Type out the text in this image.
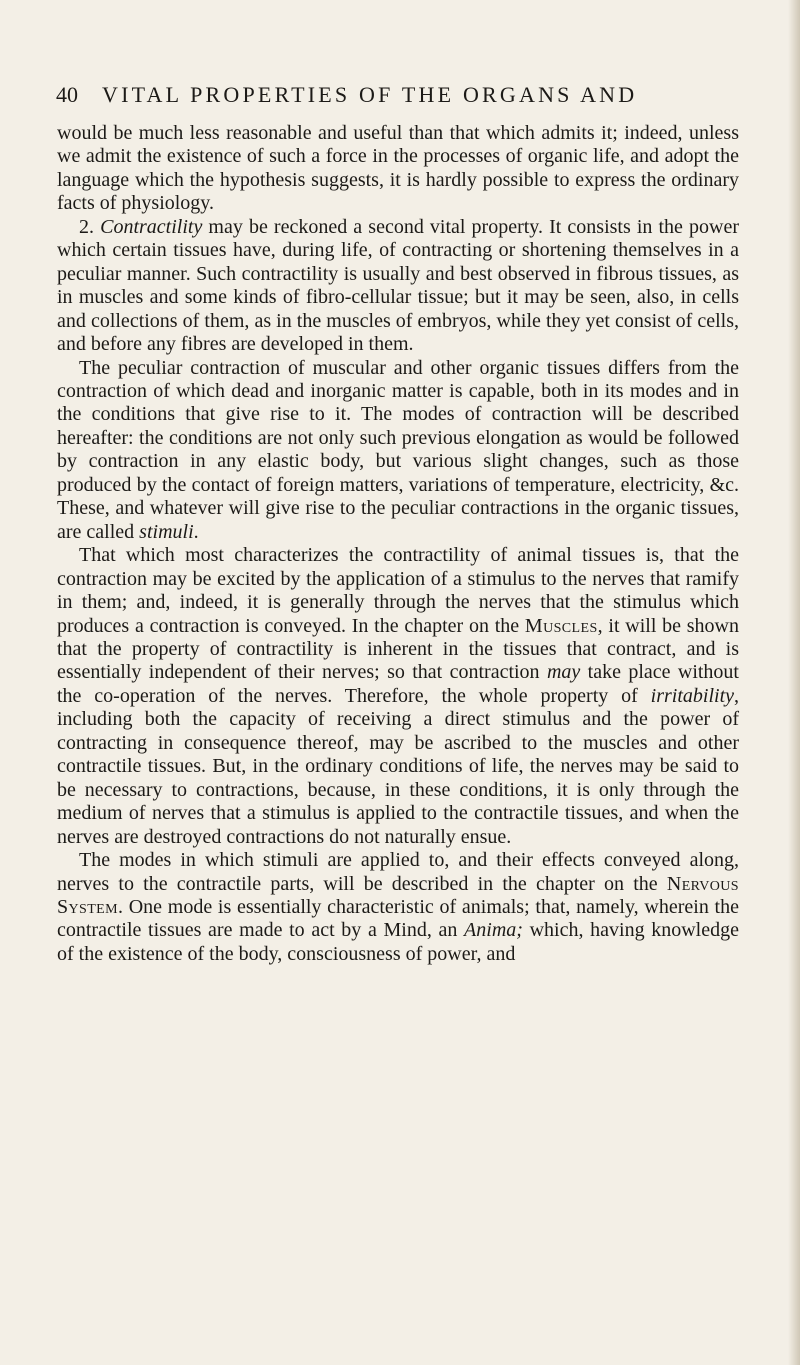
40 VITAL PROPERTIES OF THE ORGANS AND

would be much less reasonable and useful than that which admits it; indeed, unless we admit the existence of such a force in the processes of organic life, and adopt the language which the hypothesis suggests, it is hardly possible to express the ordinary facts of physiology.

2. Contractility may be reckoned a second vital property. It consists in the power which certain tissues have, during life, of contracting or shortening themselves in a peculiar manner. Such contractility is usually and best observed in fibrous tissues, as in muscles and some kinds of fibro-cellular tissue; but it may be seen, also, in cells and collections of them, as in the muscles of embryos, while they yet consist of cells, and before any fibres are developed in them.

The peculiar contraction of muscular and other organic tissues differs from the contraction of which dead and inorganic matter is capable, both in its modes and in the conditions that give rise to it. The modes of contraction will be described hereafter: the conditions are not only such previous elongation as would be followed by contraction in any elastic body, but various slight changes, such as those produced by the contact of foreign matters, variations of temperature, electricity, &c. These, and whatever will give rise to the peculiar contractions in the organic tissues, are called stimuli.

That which most characterizes the contractility of animal tissues is, that the contraction may be excited by the application of a stimulus to the nerves that ramify in them; and, indeed, it is generally through the nerves that the stimulus which produces a contraction is conveyed. In the chapter on the Muscles, it will be shown that the property of contractility is inherent in the tissues that contract, and is essentially independent of their nerves; so that contraction may take place without the co-operation of the nerves. Therefore, the whole property of irritability, including both the capacity of receiving a direct stimulus and the power of contracting in consequence thereof, may be ascribed to the muscles and other contractile tissues. But, in the ordinary conditions of life, the nerves may be said to be necessary to contractions, because, in these conditions, it is only through the medium of nerves that a stimulus is applied to the contractile tissues, and when the nerves are destroyed contractions do not naturally ensue.

The modes in which stimuli are applied to, and their effects conveyed along, nerves to the contractile parts, will be described in the chapter on the Nervous System. One mode is essentially characteristic of animals; that, namely, wherein the contractile tissues are made to act by a Mind, an Anima; which, having knowledge of the existence of the body, consciousness of power, and
